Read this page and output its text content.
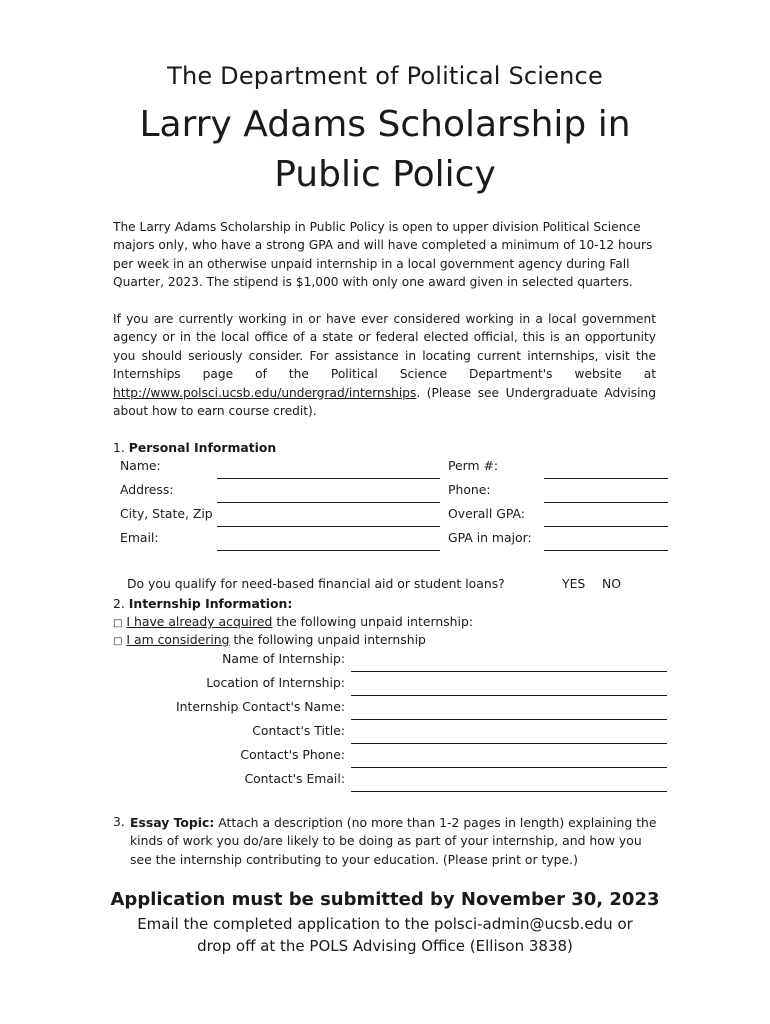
The Department of Political Science
Larry Adams Scholarship in
Public Policy
The Larry Adams Scholarship in Public Policy is open to upper division Political Science majors only, who have a strong GPA and will have completed a minimum of 10-12 hours per week in an otherwise unpaid internship in a local government agency during Fall Quarter, 2023. The stipend is $1,000 with only one award given in selected quarters.
If you are currently working in or have ever considered working in a local government agency or in the local office of a state or federal elected official, this is an opportunity you should seriously consider. For assistance in locating current internships, visit the Internships page of the Political Science Department's website at http://www.polsci.ucsb.edu/undergrad/internships. (Please see Undergraduate Advising about how to earn course credit).
1. Personal Information
Name:	Perm #:
Address:	Phone:
City, State, Zip	Overall GPA:
Email:	GPA in major:
Do you qualify for need-based financial aid or student loans?	YES NO
2. Internship Information:
□ I have already acquired the following unpaid internship:
□ I am considering the following unpaid internship
Name of Internship:
Location of Internship:
Internship Contact's Name:
Contact's Title:
Contact's Phone:
Contact's Email:
3. Essay Topic: Attach a description (no more than 1-2 pages in length) explaining the kinds of work you do/are likely to be doing as part of your internship, and how you see the internship contributing to your education. (Please print or type.)
Application must be submitted by November 30, 2023
Email the completed application to the polsci-admin@ucsb.edu or
drop off at the POLS Advising Office (Ellison 3838)
